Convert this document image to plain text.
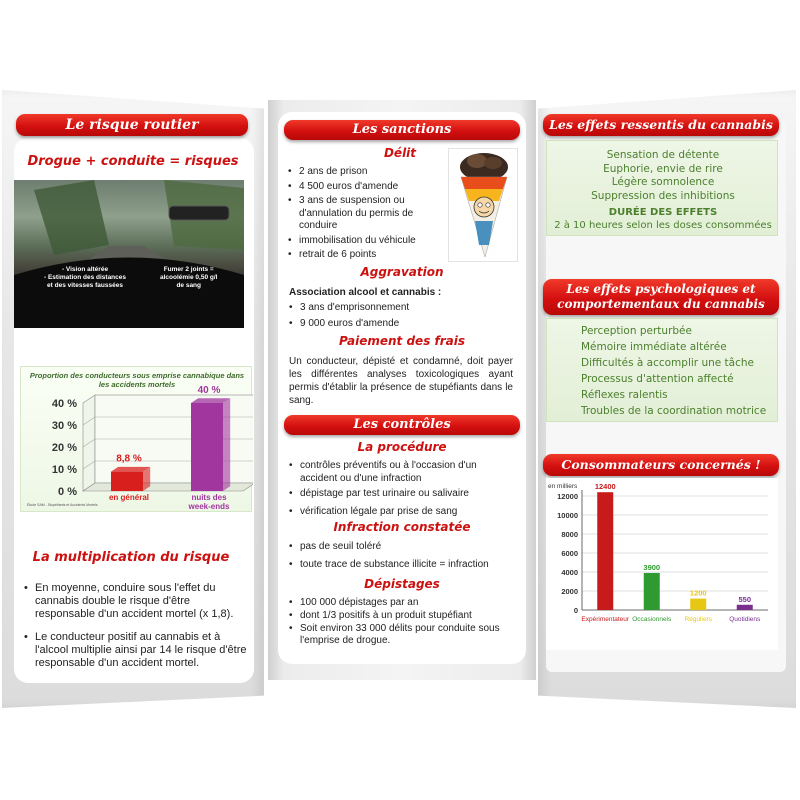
Le risque routier
Drogue + conduite = risques
- Vision altérée
- Estimation des distances
et des vitesses faussées
Fumer 2 joints =
alcoolémie 0,50 g/l
de sang
Proportion des conducteurs sous emprise cannabique dans les accidents mortels
0 %
10 %
20 %
30 %
40 %
8,8 %
en général
40 %
nuits des
week-ends
Étude SAM - Stupéfiants et Accidents Mortels
La multiplication du risque
• En moyenne, conduire sous l'effet du cannabis double le risque d'être responsable d'un accident mortel (x 1,8).
• Le conducteur positif au cannabis et à l'alcool multiplie ainsi par 14 le risque d'être responsable d'un accident mortel.
Les sanctions
Délit
• 2 ans de prison
• 4 500 euros d'amende
• 3 ans de suspension ou d'annulation du permis de conduire
• immobilisation du véhicule
• retrait de 6 points
Aggravation
Association alcool et cannabis :
• 3 ans d'emprisonnement
• 9 000 euros d'amende
Paiement des frais
Un conducteur, dépisté et condamné, doit payer les différentes analyses toxicologiques ayant permis d'établir la présence de stupéfiants dans le sang.
Les contrôles
La procédure
• contrôles préventifs ou à l'occasion d'un accident ou d'une infraction
• dépistage par test urinaire ou salivaire
• vérification légale par prise de sang
Infraction constatée
• pas de seuil toléré
• toute trace de substance illicite = infraction
Dépistages
• 100 000 dépistages par an
• dont 1/3 positifs à un produit stupéfiant
• Soit environ 33 000 délits pour conduite sous l'emprise de drogue.
Les effets ressentis du cannabis
Sensation de détente
Euphorie, envie de rire
Légère somnolence
Suppression des inhibitions
DURÉE DES EFFETS
2 à 10 heures selon les doses consommées
Les effets psychologiques et
comportementaux du cannabis
Perception perturbée
Mémoire immédiate altérée
Difficultés à accomplir une tâche
Processus d'attention affecté
Réflexes ralentis
Troubles de la coordination motrice
Consommateurs concernés !
en milliers
0
2000
4000
6000
8000
10000
12000
12400
Expérimentateur
3900
Occasionnels
1200
Réguliers
550
Quotidiens
